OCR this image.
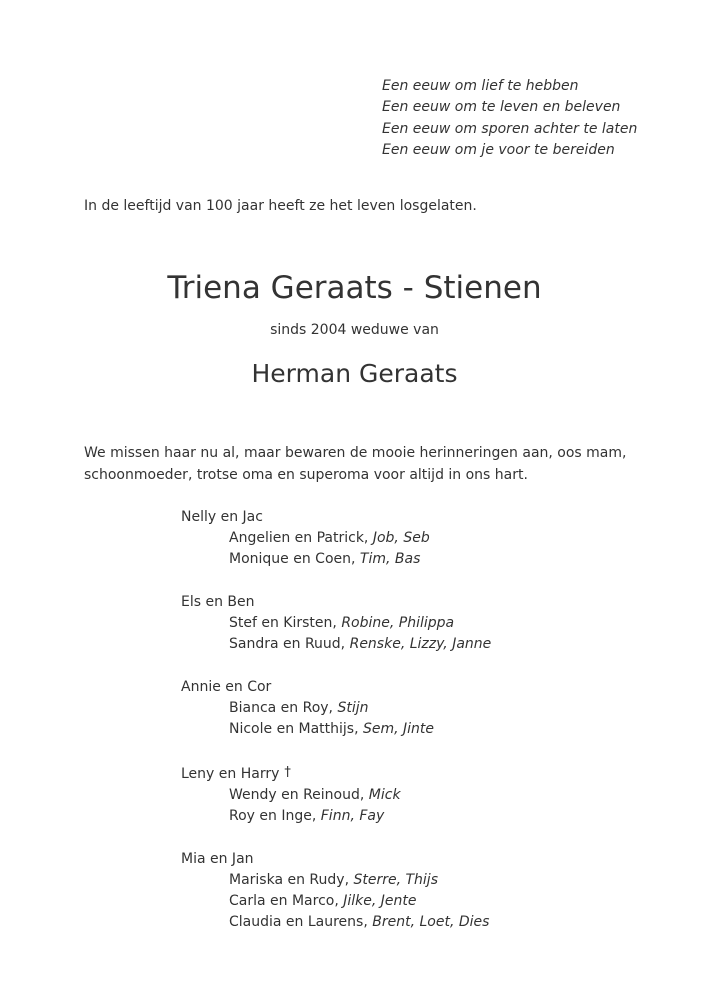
Een eeuw om lief te hebben
Een eeuw om te leven en beleven
Een eeuw om sporen achter te laten
Een eeuw om je voor te bereiden
In de leeftijd van 100 jaar heeft ze het leven losgelaten.
Triena Geraats - Stienen
sinds 2004 weduwe van
Herman Geraats
We missen haar nu al, maar bewaren de mooie herinneringen aan, oos mam,
schoonmoeder, trotse oma en superoma voor altijd in ons hart.
Nelly en Jac
Angelien en Patrick, Job, Seb
Monique en Coen, Tim, Bas
Els en Ben
Stef en Kirsten, Robine, Philippa
Sandra en Ruud, Renske, Lizzy, Janne
Annie en Cor
Bianca en Roy, Stijn
Nicole en Matthijs, Sem, Jinte
Leny en Harry †
Wendy en Reinoud, Mick
Roy en Inge, Finn, Fay
Mia en Jan
Mariska en Rudy, Sterre, Thijs
Carla en Marco, Jilke, Jente
Claudia en Laurens, Brent, Loet, Dies
